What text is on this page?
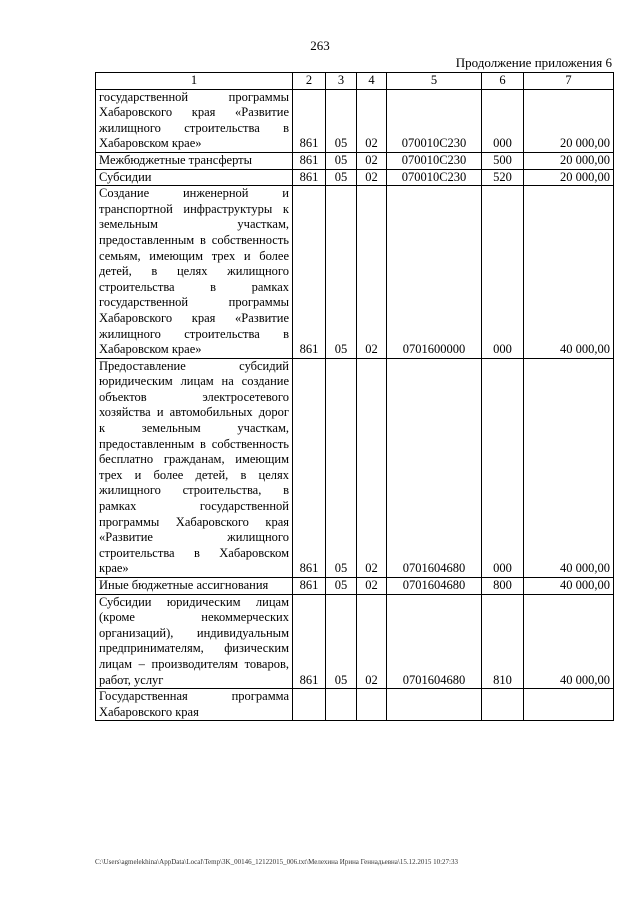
263
Продолжение приложения 6
1	2	3	4	5	6	7
государственной программы Хабаровского края «Развитие жилищного строительства в Хабаровском крае»	861	05	02	070010С230	000	20 000,00
Межбюджетные трансферты	861	05	02	070010С230	500	20 000,00
Субсидии	861	05	02	070010С230	520	20 000,00
Создание инженерной и транспортной инфраструктуры к земельным участкам, предоставленным в собственность семьям, имеющим трех и более детей, в целях жилищного строительства в рамках государственной программы Хабаровского края «Развитие жилищного строительства в Хабаровском крае»	861	05	02	0701600000	000	40 000,00
Предоставление субсидий юридическим лицам на создание объектов электросетевого хозяйства и автомобильных дорог к земельным участкам, предоставленным в собственность бесплатно гражданам, имеющим трех и более детей, в целях жилищного строительства, в рамках государственной программы Хабаровского края «Развитие жилищного строительства в Хабаровском крае»	861	05	02	0701604680	000	40 000,00
Иные бюджетные ассигнования	861	05	02	0701604680	800	40 000,00
Субсидии юридическим лицам (кроме некоммерческих организаций), индивидуальным предпринимателям, физическим лицам – производителям товаров, работ, услуг	861	05	02	0701604680	810	40 000,00
Государственная программа Хабаровского края						
C:\Users\agmelekhina\AppData\Local\Temp\3K_00146_12122015_006.txt\Мелехина Ирина Геннадьевна\15.12.2015 10:27:33
